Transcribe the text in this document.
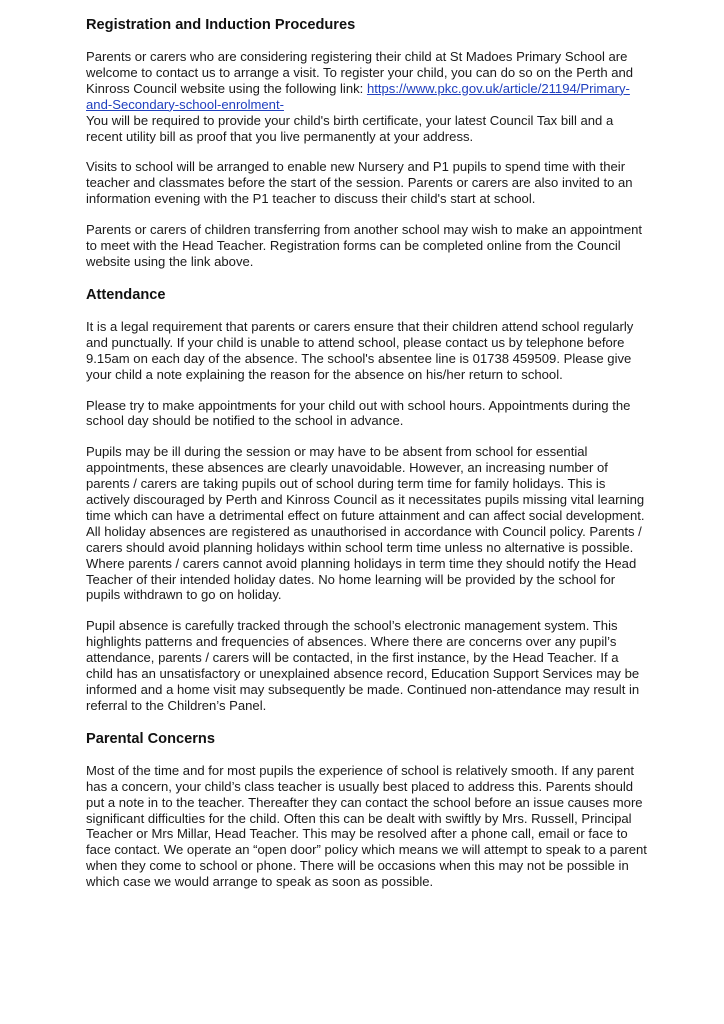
Registration and Induction Procedures

Parents or carers who are considering registering their child at St Madoes Primary School are
welcome to contact us to arrange a visit. To register your child, you can do so on the Perth and
Kinross Council website using the following link: https://www.pkc.gov.uk/article/21194/Primary-
and-Secondary-school-enrolment-
You will be required to provide your child's birth certificate, your latest Council Tax bill and a
recent utility bill as proof that you live permanently at your address.

Visits to school will be arranged to enable new Nursery and P1 pupils to spend time with their
teacher and classmates before the start of the session. Parents or carers are also invited to an
information evening with the P1 teacher to discuss their child's start at school.

Parents or carers of children transferring from another school may wish to make an appointment
to meet with the Head Teacher. Registration forms can be completed online from the Council
website using the link above.

Attendance

It is a legal requirement that parents or carers ensure that their children attend school regularly
and punctually. If your child is unable to attend school, please contact us by telephone before
9.15am on each day of the absence. The school's absentee line is 01738 459509. Please give
your child a note explaining the reason for the absence on his/her return to school.

Please try to make appointments for your child out with school hours. Appointments during the
school day should be notified to the school in advance.

Pupils may be ill during the session or may have to be absent from school for essential
appointments, these absences are clearly unavoidable. However, an increasing number of
parents / carers are taking pupils out of school during term time for family holidays. This is
actively discouraged by Perth and Kinross Council as it necessitates pupils missing vital learning
time which can have a detrimental effect on future attainment and can affect social development.
All holiday absences are registered as unauthorised in accordance with Council policy. Parents /
carers should avoid planning holidays within school term time unless no alternative is possible.
Where parents / carers cannot avoid planning holidays in term time they should notify the Head
Teacher of their intended holiday dates. No home learning will be provided by the school for
pupils withdrawn to go on holiday.

Pupil absence is carefully tracked through the school’s electronic management system. This
highlights patterns and frequencies of absences. Where there are concerns over any pupil’s
attendance, parents / carers will be contacted, in the first instance, by the Head Teacher. If a
child has an unsatisfactory or unexplained absence record, Education Support Services may be
informed and a home visit may subsequently be made. Continued non-attendance may result in
referral to the Children’s Panel.

Parental Concerns

Most of the time and for most pupils the experience of school is relatively smooth. If any parent
has a concern, your child’s class teacher is usually best placed to address this. Parents should
put a note in to the teacher. Thereafter they can contact the school before an issue causes more
significant difficulties for the child. Often this can be dealt with swiftly by Mrs. Russell, Principal
Teacher or Mrs Millar, Head Teacher. This may be resolved after a phone call, email or face to
face contact. We operate an “open door” policy which means we will attempt to speak to a parent
when they come to school or phone. There will be occasions when this may not be possible in
which case we would arrange to speak as soon as possible.
